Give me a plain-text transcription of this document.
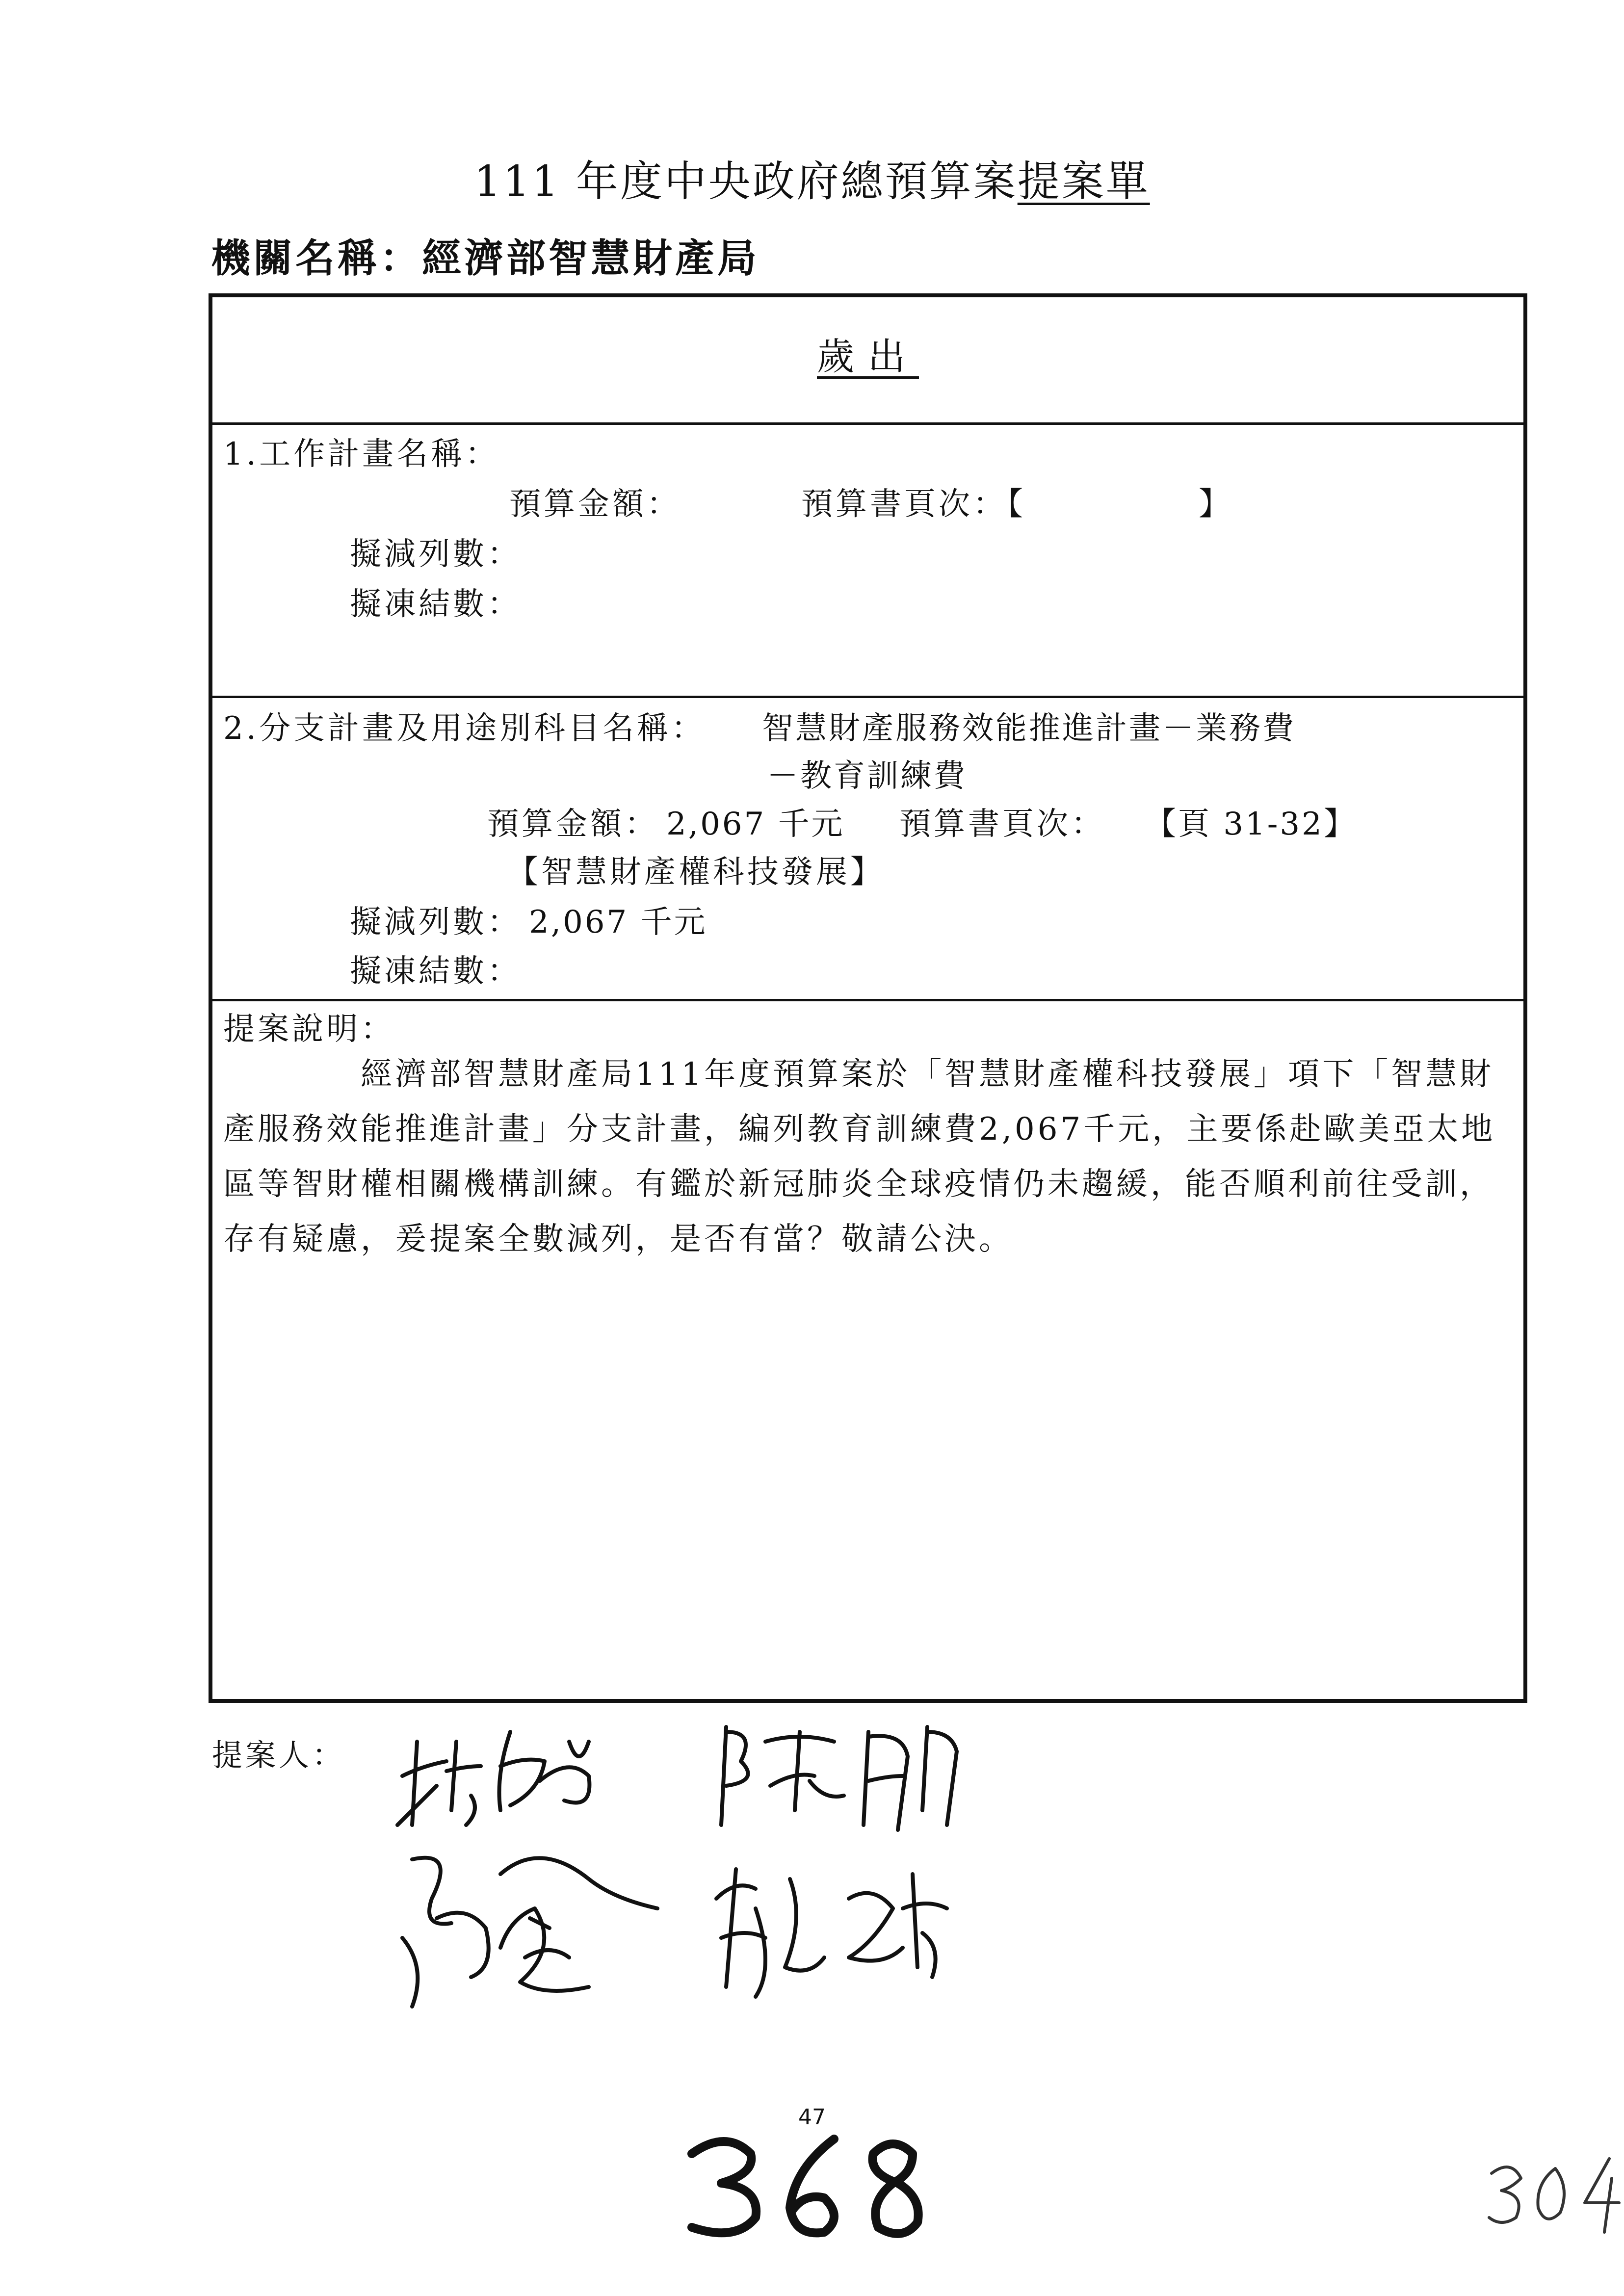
111 年度中央政府總預算案提案單
機關名稱：經濟部智慧財產局
歲出
1.工作計畫名稱：
預算金額：	預算書頁次：【	】
擬減列數：
擬凍結數：
2.分支計畫及用途別科目名稱： 智慧財產服務效能推進計畫－業務費
－教育訓練費
預算金額： 2,067 千元 預算書頁次： 【頁 31-32】
【智慧財產權科技發展】
擬減列數： 2,067 千元
擬凍結數：
提案說明：
　　　　經濟部智慧財產局111年度預算案於「智慧財產權科技發展」項下「智慧財產服務效能推進計畫」分支計畫，編列教育訓練費2,067千元，主要係赴歐美亞太地區等智財權相關機構訓練。有鑑於新冠肺炎全球疫情仍未趨緩，能否順利前往受訓，存有疑慮，爰提案全數減列，是否有當？敬請公決。
提案人：
47
